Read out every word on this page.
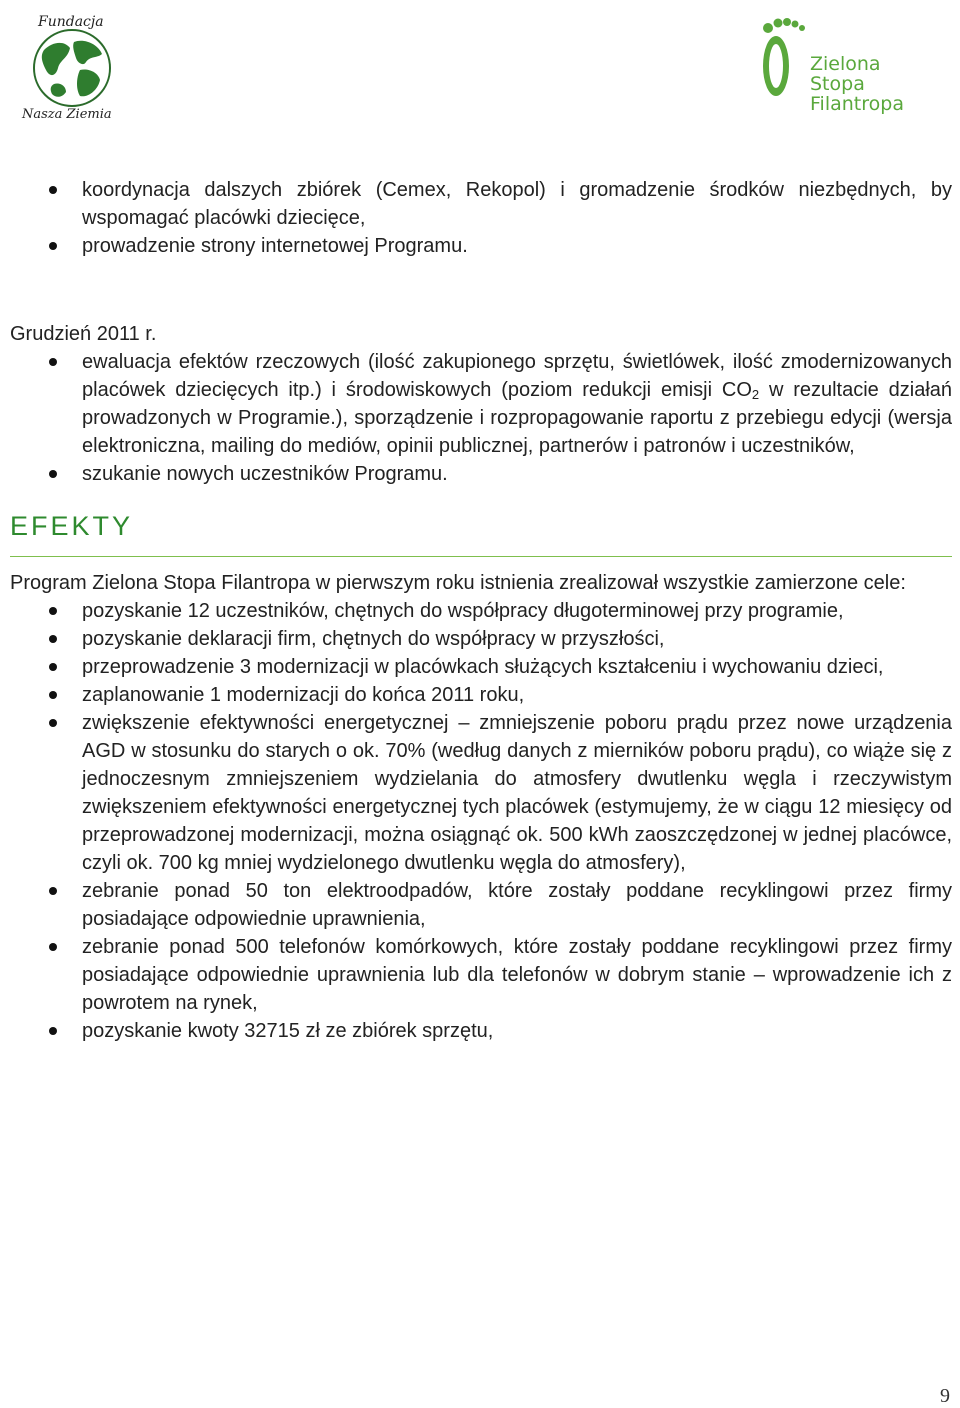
Fundacja
Nasza Ziemia
Zielona
Stopa
Filantropa
koordynacja dalszych zbiórek (Cemex, Rekopol) i gromadzenie środków niezbędnych, by wspomagać placówki dziecięce,
prowadzenie strony internetowej Programu.
Grudzień 2011 r.
ewaluacja efektów rzeczowych (ilość zakupionego sprzętu, świetlówek, ilość zmodernizowanych placówek dziecięcych itp.) i środowiskowych (poziom redukcji emisji $CO_2$ w rezultacie działań prowadzonych w Programie.), sporządzenie i rozpropagowanie raportu z przebiegu edycji (wersja elektroniczna, mailing do mediów, opinii publicznej, partnerów i patronów i uczestników,
szukanie nowych uczestników Programu.
EFEKTY
Program Zielona Stopa Filantropa w pierwszym roku istnienia zrealizował wszystkie zamierzone cele:
pozyskanie 12 uczestników, chętnych do współpracy długoterminowej przy programie,
pozyskanie deklaracji firm, chętnych do współpracy w przyszłości,
przeprowadzenie 3 modernizacji w placówkach służących kształceniu i wychowaniu dzieci,
zaplanowanie 1 modernizacji do końca 2011 roku,
zwiększenie efektywności energetycznej – zmniejszenie poboru prądu przez nowe urządzenia AGD w stosunku do starych o ok. 70% (według danych z mierników poboru prądu), co wiąże się z jednoczesnym zmniejszeniem wydzielania do atmosfery dwutlenku węgla i rzeczywistym zwiększeniem efektywności energetycznej tych placówek (estymujemy, że w ciągu 12 miesięcy od przeprowadzonej modernizacji, można osiągnąć ok. 500 kWh zaoszczędzonej w jednej placówce, czyli ok. 700 kg mniej wydzielonego dwutlenku węgla do atmosfery),
zebranie ponad 50 ton elektroodpadów, które zostały poddane recyklingowi przez firmy posiadające odpowiednie uprawnienia,
zebranie ponad 500 telefonów komórkowych, które zostały poddane recyklingowi przez firmy posiadające odpowiednie uprawnienia lub dla telefonów w dobrym stanie – wprowadzenie ich z powrotem na rynek,
pozyskanie kwoty 32715 zł ze zbiórek sprzętu,
9
